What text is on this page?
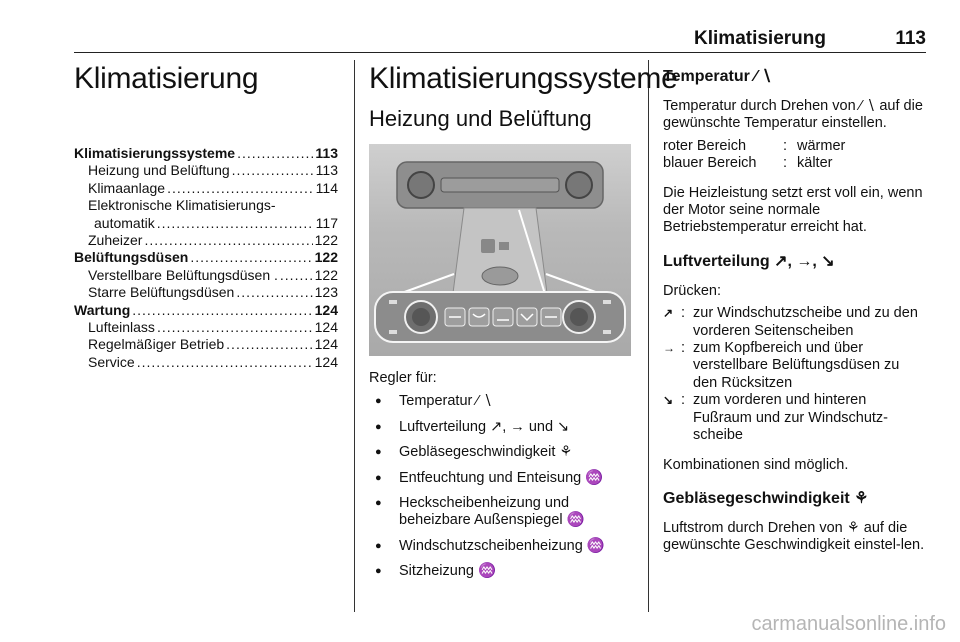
Klimatisierung	113
Klimatisierung
Klimatisierungssysteme .....	113
Heizung und Belüftung .....	113
Klimaanlage .....	114
Elektronische Klimatisierungs-
automatik .....	117
Zuheizer .....	122
Belüftungsdüsen .....	122
Verstellbare Belüftungsdüsen . .....	122
Starre Belüftungsdüsen .....	123
Wartung .....	124
Lufteinlass .....	124
Regelmäßiger Betrieb .....	124
Service .....	124
Klimatisierungssysteme
Heizung und Belüftung
Regler für:
● Temperatur ⁄ ∖
● Luftverteilung ↗, → und ↘
● Gebläsegeschwindigkeit ⚘
● Entfeuchtung und Enteisung ♒
● Heckscheibenheizung und beheizbare Außenspiegel ♒
● Windschutzscheibenheizung ♒
● Sitzheizung ♒
Temperatur ⁄ ∖
Temperatur durch Drehen von ⁄ ∖ auf die gewünschte Temperatur einstellen.
roter Bereich	: wärmer
blauer Bereich	: kälter
Die Heizleistung setzt erst voll ein, wenn der Motor seine normale Betriebstemperatur erreicht hat.
Luftverteilung ↗, →, ↘
Drücken:
↗ : zur Windschutzscheibe und zu den vorderen Seitenscheiben
→ : zum Kopfbereich und über verstellbare Belüftungsdüsen zu den Rücksitzen
↘ : zum vorderen und hinteren Fußraum und zur Windschutz-scheibe
Kombinationen sind möglich.
Gebläsegeschwindigkeit ⚘
Luftstrom durch Drehen von ⚘ auf die gewünschte Geschwindigkeit einstel-len.
carmanualsonline.info
